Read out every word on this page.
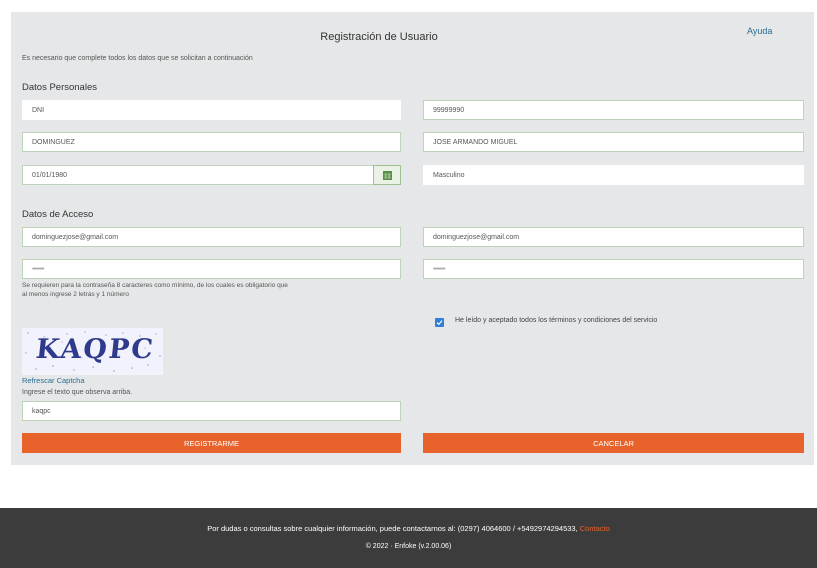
Registración de Usuario	Ayuda
Es necesario que complete todos los datos que se solicitan a continuación
Datos Personales
DNI	99999990
DOMINGUEZ	JOSE ARMANDO MIGUEL
01/01/1980	Masculino
Datos de Acceso
dominguezjose@gmail.com	dominguezjose@gmail.com
••••••••	••••••••
Se requieren para la contraseña 8 caracteres como mínimo, de los cuales es obligatorio que
al menos ingrese 2 letras y 1 número
He leído y aceptado todos los términos y condiciones del servicio
KAQPC
Refrescar Captcha
Ingrese el texto que observa arriba.
kaqpc
REGISTRARME	CANCELAR
Por dudas o consultas sobre cualquier información, puede contactarnos al: (0297) 4064600 / +5492974294533, Contacto
© 2022 · Enfoke (v.2.00.06)
